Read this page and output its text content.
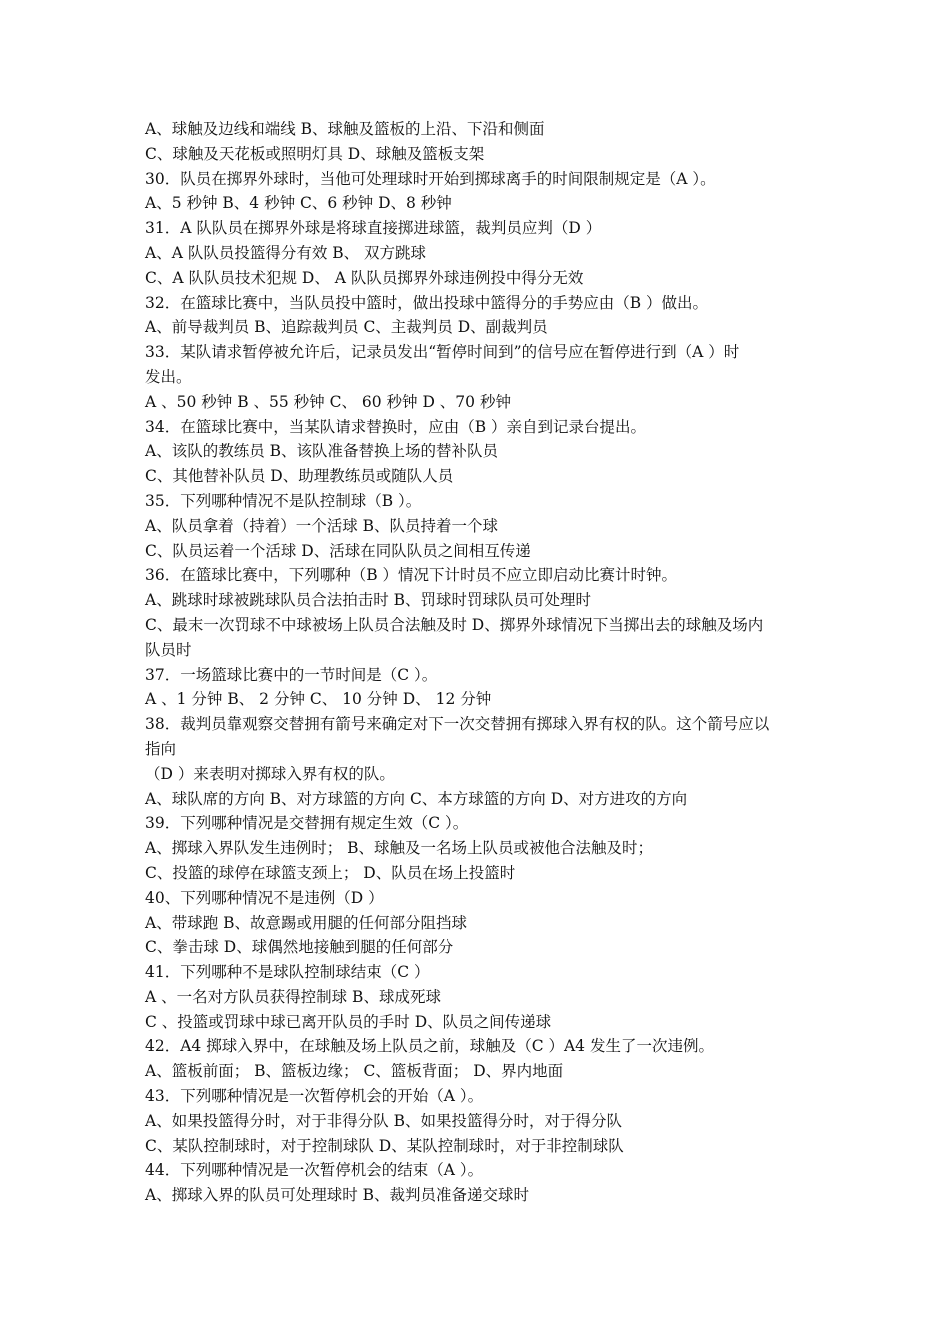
A、球触及边线和端线 B、球触及篮板的上沿、下沿和侧面
C、球触及天花板或照明灯具 D、球触及篮板支架
30．队员在掷界外球时，当他可处理球时开始到掷球离手的时间限制规定是（A ）。
A、5 秒钟 B、4 秒钟 C、6 秒钟 D、8 秒钟
31．A 队队员在掷界外球是将球直接掷进球篮，裁判员应判（D ）
A、A 队队员投篮得分有效 B、 双方跳球
C、A 队队员技术犯规 D、 A 队队员掷界外球违例投中得分无效
32．在篮球比赛中，当队员投中篮时，做出投球中篮得分的手势应由（B ）做出。
A、前导裁判员 B、追踪裁判员 C、主裁判员 D、副裁判员
33．某队请求暂停被允许后，记录员发出“暂停时间到”的信号应在暂停进行到（A ）时
发出。
A 、50 秒钟 B 、55 秒钟 C、 60 秒钟 D 、70 秒钟
34．在篮球比赛中，当某队请求替换时，应由（B ）亲自到记录台提出。
A、该队的教练员 B、该队准备替换上场的替补队员
C、其他替补队员 D、助理教练员或随队人员
35．下列哪种情况不是队控制球（B ）。
A、队员拿着（持着）一个活球 B、队员持着一个球
C、队员运着一个活球 D、活球在同队队员之间相互传递
36．在篮球比赛中，下列哪种（B ）情况下计时员不应立即启动比赛计时钟。
A、跳球时球被跳球队员合法拍击时 B、罚球时罚球队员可处理时
C、最末一次罚球不中球被场上队员合法触及时 D、掷界外球情况下当掷出去的球触及场内
队员时
37．一场篮球比赛中的一节时间是（C ）。
A 、1 分钟 B、 2 分钟 C、 10 分钟 D、 12 分钟
38．裁判员靠观察交替拥有箭号来确定对下一次交替拥有掷球入界有权的队。这个箭号应以
指向
（D ）来表明对掷球入界有权的队。
A、球队席的方向 B、对方球篮的方向 C、本方球篮的方向 D、对方进攻的方向
39．下列哪种情况是交替拥有规定生效（C ）。
A、掷球入界队发生违例时； B、球触及一名场上队员或被他合法触及时；
C、投篮的球停在球篮支颈上； D、队员在场上投篮时
40、下列哪种情况不是违例（D ）
A、带球跑 B、故意踢或用腿的任何部分阻挡球
C、拳击球 D、球偶然地接触到腿的任何部分
41．下列哪种不是球队控制球结束（C ）
A 、一名对方队员获得控制球 B、球成死球
C 、投篮或罚球中球已离开队员的手时 D、队员之间传递球
42．A4 掷球入界中，在球触及场上队员之前，球触及（C ）A4 发生了一次违例。
A、篮板前面； B、篮板边缘； C、篮板背面； D、界内地面
43．下列哪种情况是一次暂停机会的开始（A ）。
A、如果投篮得分时，对于非得分队 B、如果投篮得分时，对于得分队
C、某队控制球时，对于控制球队 D、某队控制球时，对于非控制球队
44．下列哪种情况是一次暂停机会的结束（A ）。
A、掷球入界的队员可处理球时 B、裁判员准备递交球时
